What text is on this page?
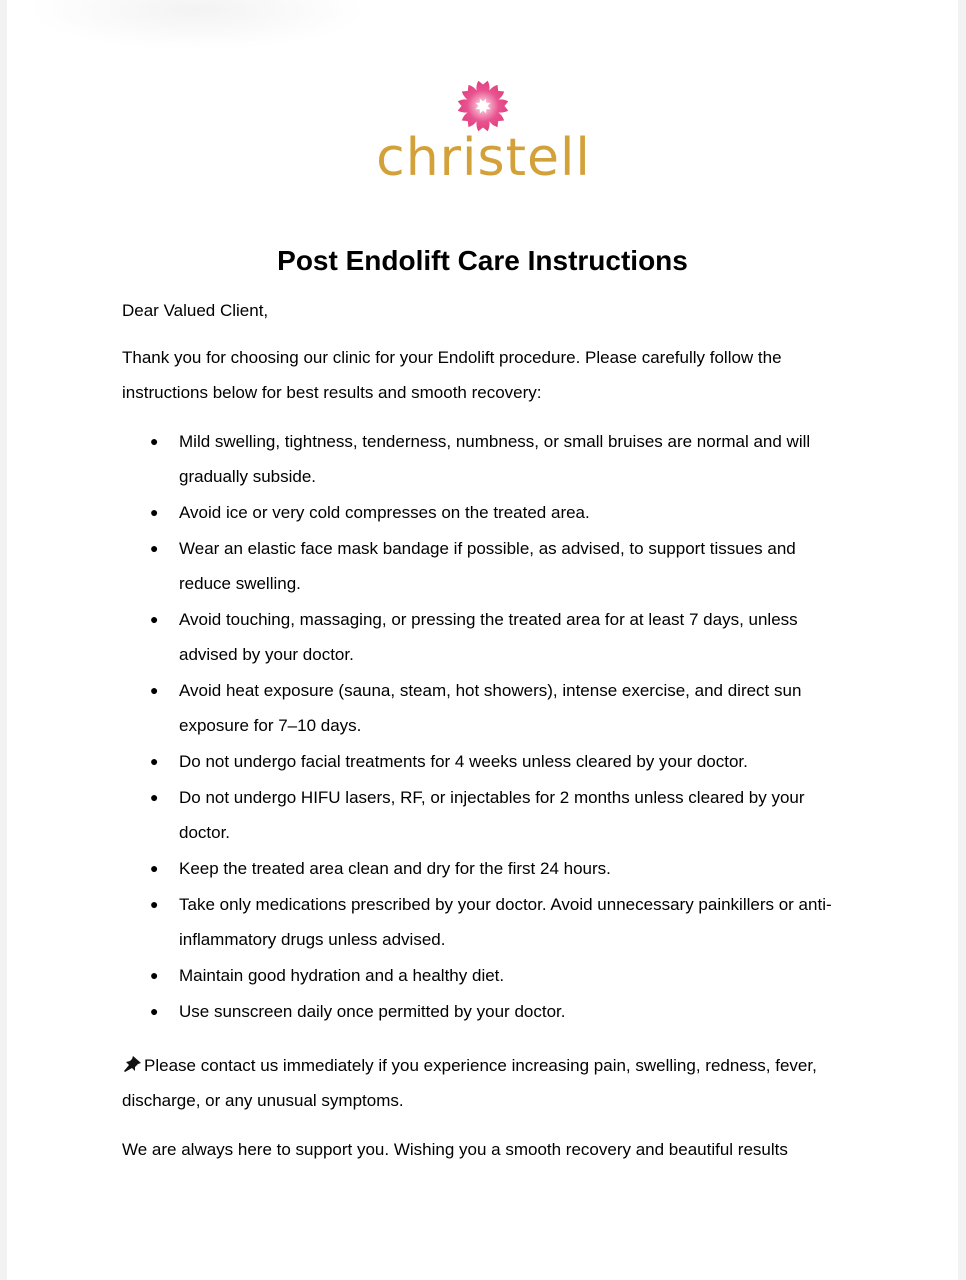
christell
Post Endolift Care Instructions
Dear Valued Client,
Thank you for choosing our clinic for your Endolift procedure. Please carefully follow the instructions below for best results and smooth recovery:
● Mild swelling, tightness, tenderness, numbness, or small bruises are normal and will gradually subside.
● Avoid ice or very cold compresses on the treated area.
● Wear an elastic face mask bandage if possible, as advised, to support tissues and reduce swelling.
● Avoid touching, massaging, or pressing the treated area for at least 7 days, unless advised by your doctor.
● Avoid heat exposure (sauna, steam, hot showers), intense exercise, and direct sun exposure for 7–10 days.
● Do not undergo facial treatments for 4 weeks unless cleared by your doctor.
● Do not undergo HIFU lasers, RF, or injectables for 2 months unless cleared by your doctor.
● Keep the treated area clean and dry for the first 24 hours.
● Take only medications prescribed by your doctor. Avoid unnecessary painkillers or anti-inflammatory drugs unless advised.
● Maintain good hydration and a healthy diet.
● Use sunscreen daily once permitted by your doctor.
Please contact us immediately if you experience increasing pain, swelling, redness, fever, discharge, or any unusual symptoms.
We are always here to support you. Wishing you a smooth recovery and beautiful results
